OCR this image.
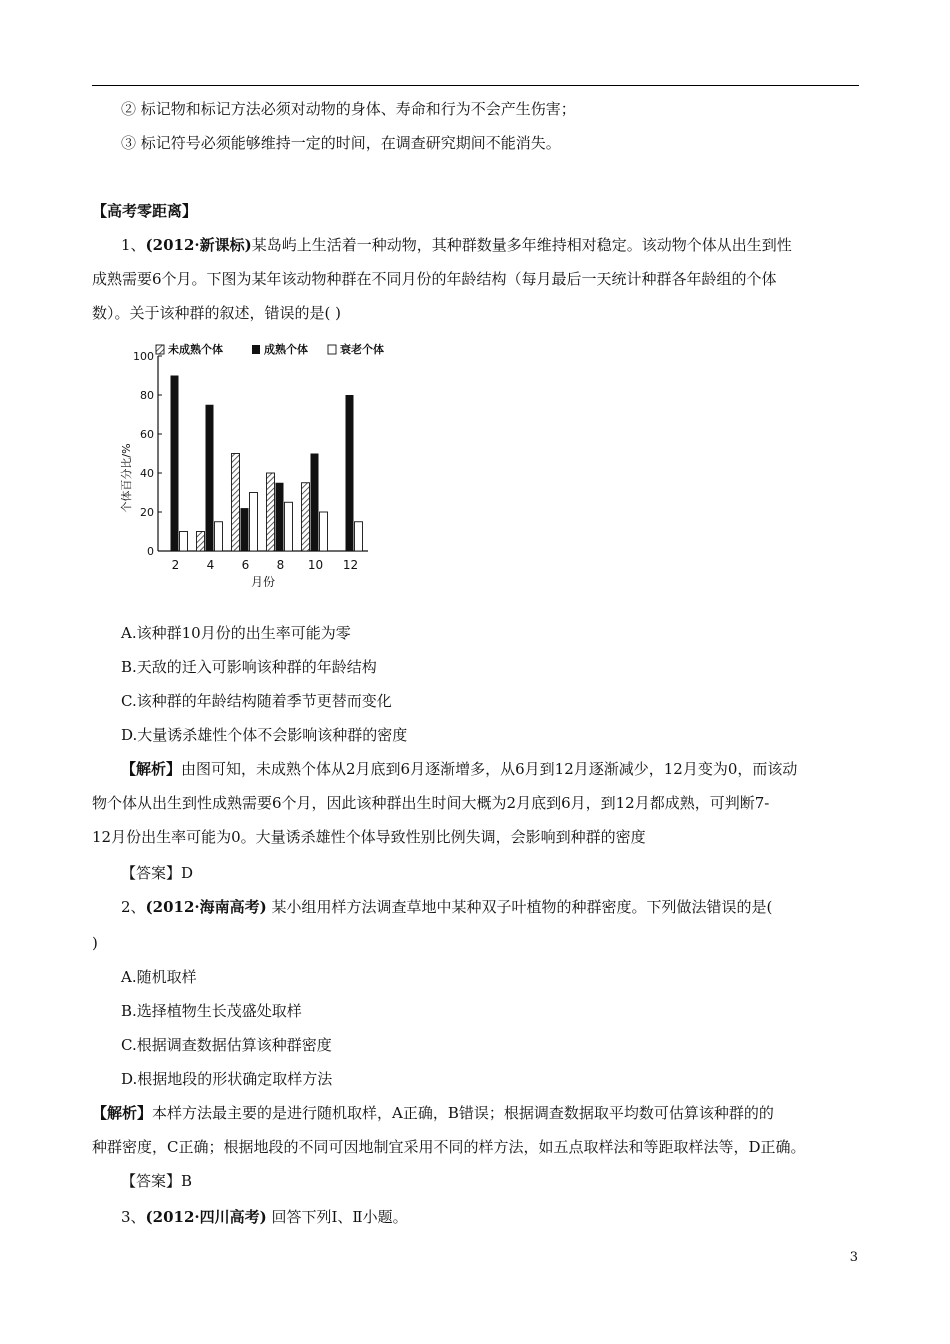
② 标记物和标记方法必须对动物的身体、寿命和行为不会产生伤害；
③ 标记符号必须能够维持一定的时间，在调查研究期间不能消失。
【高考零距离】
1、(2012·新课标)某岛屿上生活着一种动物，其种群数量多年维持相对稳定。该动物个体从出生到性
成熟需要6个月。下图为某年该动物种群在不同月份的年龄结构（每月最后一天统计种群各年龄组的个体
数）。关于该种群的叙述，错误的是( )
未成熟个体	成熟个体	衰老个体
个体百分比/%
0
20
40
60
80
100
2 4 6 8 10 12
月份
A.该种群10月份的出生率可能为零
B.天敌的迁入可影响该种群的年龄结构
C.该种群的年龄结构随着季节更替而变化
D.大量诱杀雄性个体不会影响该种群的密度
【解析】由图可知，未成熟个体从2月底到6月逐渐增多，从6月到12月逐渐减少，12月变为0，而该动
物个体从出生到性成熟需要6个月，因此该种群出生时间大概为2月底到6月，到12月都成熟，可判断7-
12月份出生率可能为0。大量诱杀雄性个体导致性别比例失调，会影响到种群的密度
【答案】D
2、(2012·海南高考) 某小组用样方法调查草地中某种双子叶植物的种群密度。下列做法错误的是(
)
A.随机取样
B.选择植物生长茂盛处取样
C.根据调查数据估算该种群密度
D.根据地段的形状确定取样方法
【解析】本样方法最主要的是进行随机取样，A正确，B错误；根据调查数据取平均数可估算该种群的的
种群密度，C正确；根据地段的不同可因地制宜采用不同的样方法，如五点取样法和等距取样法等，D正确。
【答案】B
3、(2012·四川高考) 回答下列Ⅰ、Ⅱ小题。
3
